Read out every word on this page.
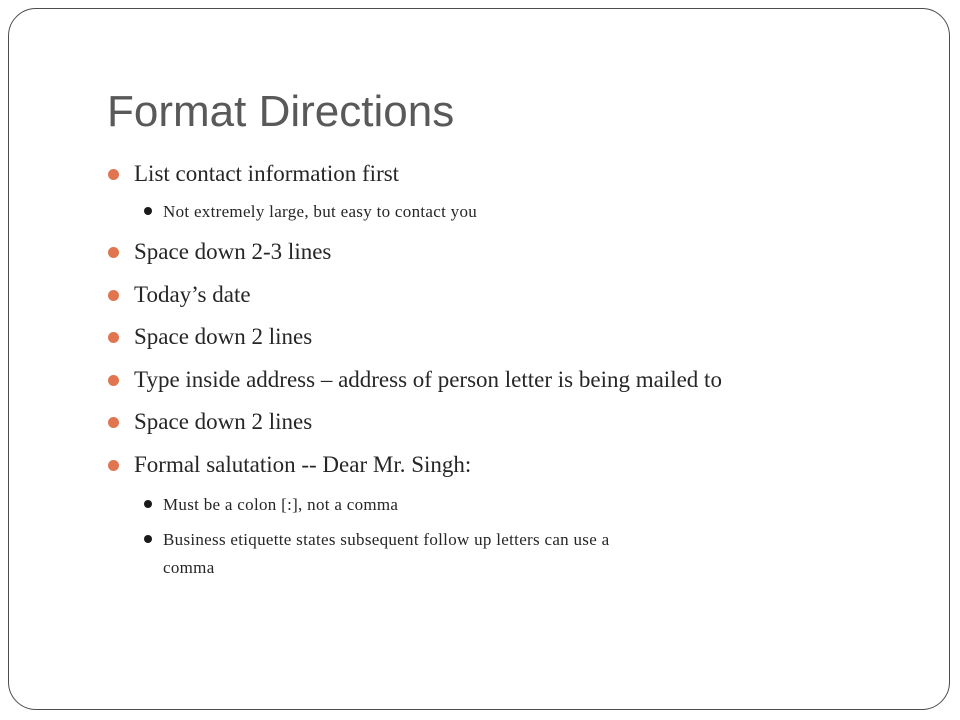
Format Directions
List contact information first
Not extremely large, but easy to contact you
Space down 2-3 lines
Today’s date
Space down 2 lines
Type inside address – address of person letter is being mailed to
Space down 2 lines
Formal salutation -- Dear Mr. Singh:
Must be a colon [:], not a comma
Business etiquette states subsequent follow up letters can use a
comma
